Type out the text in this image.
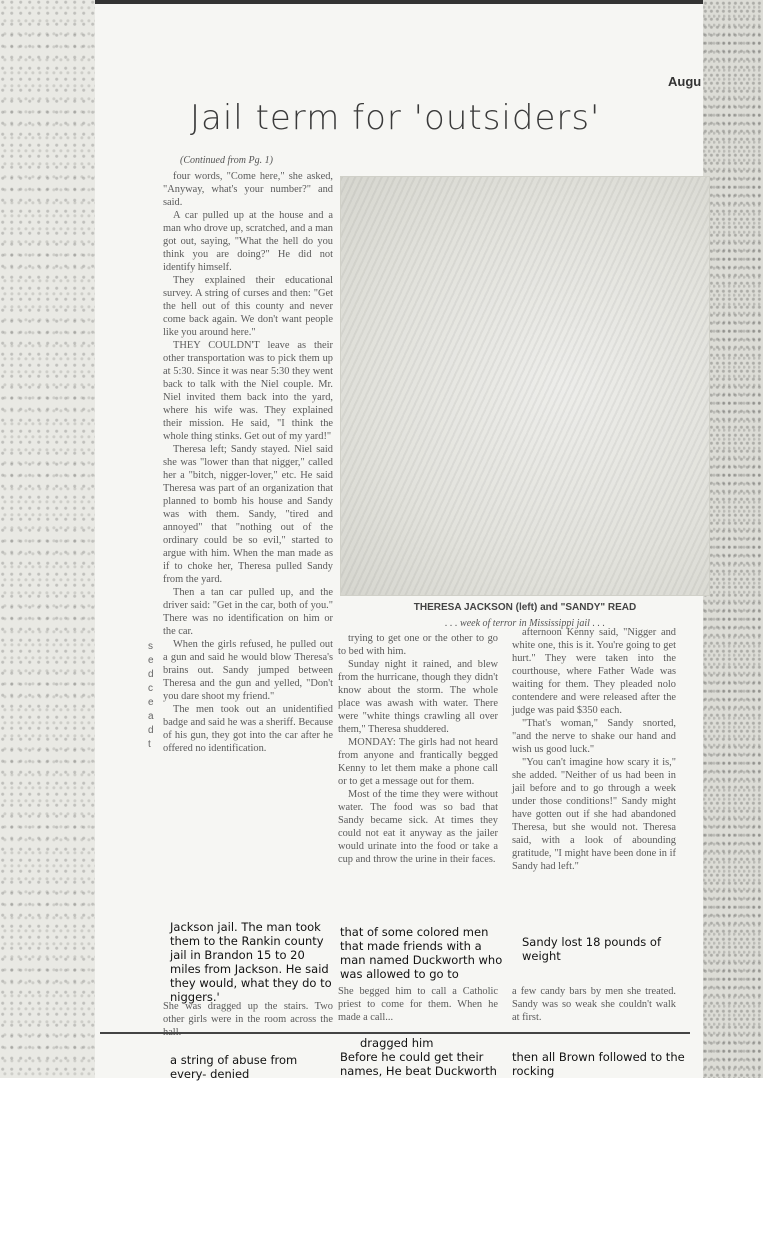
Augu
Jail term for 'outsiders'
(Continued from Pg. 1)

four words, "Come here," she asked, "Anyway, what's your number?" and said.

A car pulled up at the house and a man who drove up, scratched, and a man got out, saying, "What the hell do you think you are doing?" He did not identify himself.

They explained their educational survey. A string of curses and then: "Get the hell out of this county and never come back again. We don't want people like you around here."

THEY COULDN'T leave as their other transportation was to pick them up at 5:30. Since it was near 5:30 they went back to talk with the Niel couple. Mr. Niel invited them back into the yard, where his wife was. They explained their mission. He said, "I think the whole thing stinks. Get out of my yard!"

Theresa left; Sandy stayed. Niel said she was "lower than that nigger," called her a "bitch, nigger-lover," etc. He said Theresa was part of an organization that planned to bomb his house and Sandy was with them. Sandy, "tired and annoyed" that "nothing out of the ordinary could be so evil," started to argue with him. When the man made as if to choke her, Theresa pulled Sandy from the yard.

Then a tan car pulled up, and the driver said: "Get in the car, both of you." There was no identification on him or the car.

When the girls refused, he pulled out a gun and said he would blow Theresa's brains out. Sandy jumped between Theresa and the gun and yelled, "Don't you dare shoot my friend."

The men took out an unidentified badge and said he was a sheriff. Because of his gun, they got into the car after he offered no identification.

s
e
d
c
e
a
d
t
THERESA JACKSON (left) and "SANDY" READ
. . . week of terror in Mississippi jail . . .

trying to get one or the other to go to bed with him.

Sunday night it rained, and blew from the hurricane, though they didn't know about the storm. The whole place was awash with water. There were "white things crawling all over them," Theresa shuddered.

MONDAY: The girls had not heard from anyone and frantically begged Kenny to let them make a phone call or to get a message out for them.

Most of the time they were without water. The food was so bad that Sandy became sick. At times they could not eat it anyway as the jailer would urinate into the food or take a cup and throw the urine in their faces.

afternoon Kenny said, "Nigger and white one, this is it. You're going to get hurt." They were taken into the courthouse, where Father Wade was waiting for them. They pleaded nolo contendere and were released after the judge was paid $350 each.

"That's woman," Sandy snorted, "and the nerve to shake our hand and wish us good luck."

"You can't imagine how scary it is," she added. "Neither of us had been in jail before and to go through a week under those conditions!" Sandy might have gotten out if she had abandoned Theresa, but she would not. Theresa said, with a look of abounding gratitude, "I might have been done in if Sandy had left."

She was dragged up the stairs. Two other girls were in the room across the
She begged him to call a Catholic priest to come for them. When he made a call...
a few candy bars by men she treated. Sandy was so weak she couldn't walk at first.
Jackson jail. The man took them to the Rankin county jail in Brandon 15 to 20 miles from Jackson. He said they would, what they do to niggers.'
that of some colored men that made friends with a man named Duckworth who was allowed to go to
Sandy lost 18 pounds of weight
dragged him
a string of abuse from every- denied
Before he could get their names, He beat Duckworth
then all Brown followed to the rocking
